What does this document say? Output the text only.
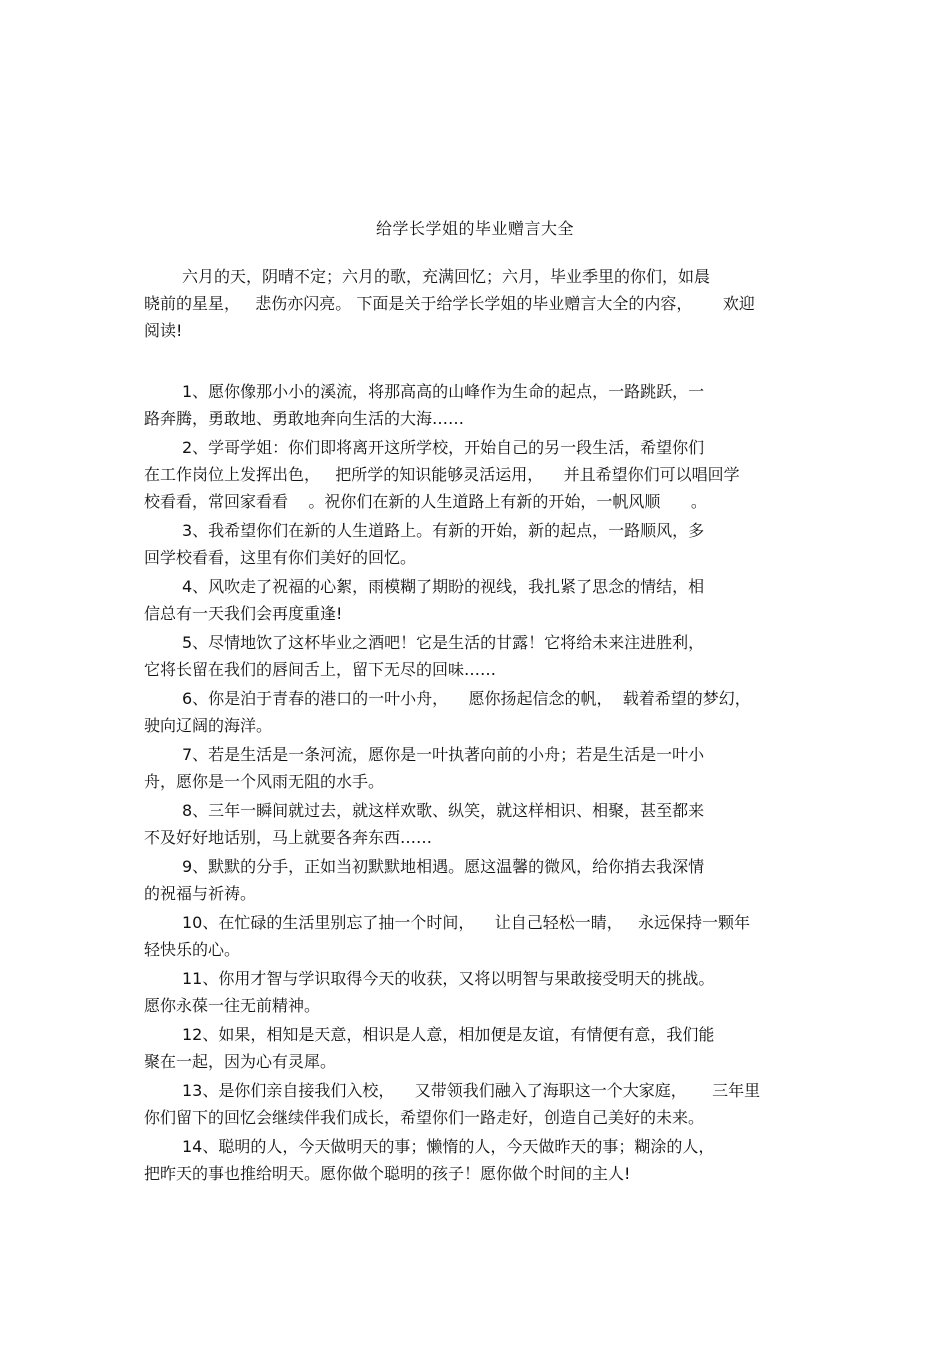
给学长学姐的毕业赠言大全
六月的天，阴晴不定；六月的歌，充满回忆；六月，毕业季里的你们，如晨
晓前的星星，   悲伤亦闪亮。 下面是关于给学长学姐的毕业赠言大全的内容，      欢迎
阅读!
1、愿你像那小小的溪流，将那高高的山峰作为生命的起点，一路跳跃，一
路奔腾，勇敢地、勇敢地奔向生活的大海……
2、学哥学姐：你们即将离开这所学校，开始自己的另一段生活，希望你们
在工作岗位上发挥出色，   把所学的知识能够灵活运用，    并且希望你们可以唱回学
校看看，常回家看看    。祝你们在新的人生道路上有新的开始，一帆风顺      。
3、我希望你们在新的人生道路上。有新的开始，新的起点，一路顺风，多
回学校看看，这里有你们美好的回忆。
4、风吹走了祝福的心絮，雨模糊了期盼的视线，我扎紧了思念的情结，相
信总有一天我们会再度重逢!
5、尽情地饮了这杯毕业之酒吧！它是生活的甘露！它将给未来注进胜利，
它将长留在我们的唇间舌上，留下无尽的回味……
6、你是泊于青春的港口的一叶小舟，    愿你扬起信念的帆，  载着希望的梦幻，
驶向辽阔的海洋。
7、若是生活是一条河流，愿你是一叶执著向前的小舟；若是生活是一叶小
舟，愿你是一个风雨无阻的水手。
8、三年一瞬间就过去，就这样欢歌、纵笑，就这样相识、相聚，甚至都来
不及好好地话别，马上就要各奔东西……
9、默默的分手，正如当初默默地相遇。愿这温馨的微风，给你捎去我深情
的祝福与祈祷。
10、在忙碌的生活里别忘了抽一个时间，    让自己轻松一睛，   永远保持一颗年
轻快乐的心。
11、你用才智与学识取得今天的收获，又将以明智与果敢接受明天的挑战。
愿你永葆一往无前精神。
12、如果，相知是天意，相识是人意，相加便是友谊，有情便有意，我们能
聚在一起，因为心有灵犀。
13、是你们亲自接我们入校，    又带领我们融入了海职这一个大家庭，     三年里
你们留下的回忆会继续伴我们成长，希望你们一路走好，创造自己美好的未来。
14、聪明的人，今天做明天的事；懒惰的人，今天做昨天的事；糊涂的人，
把昨天的事也推给明天。愿你做个聪明的孩子！愿你做个时间的主人!
